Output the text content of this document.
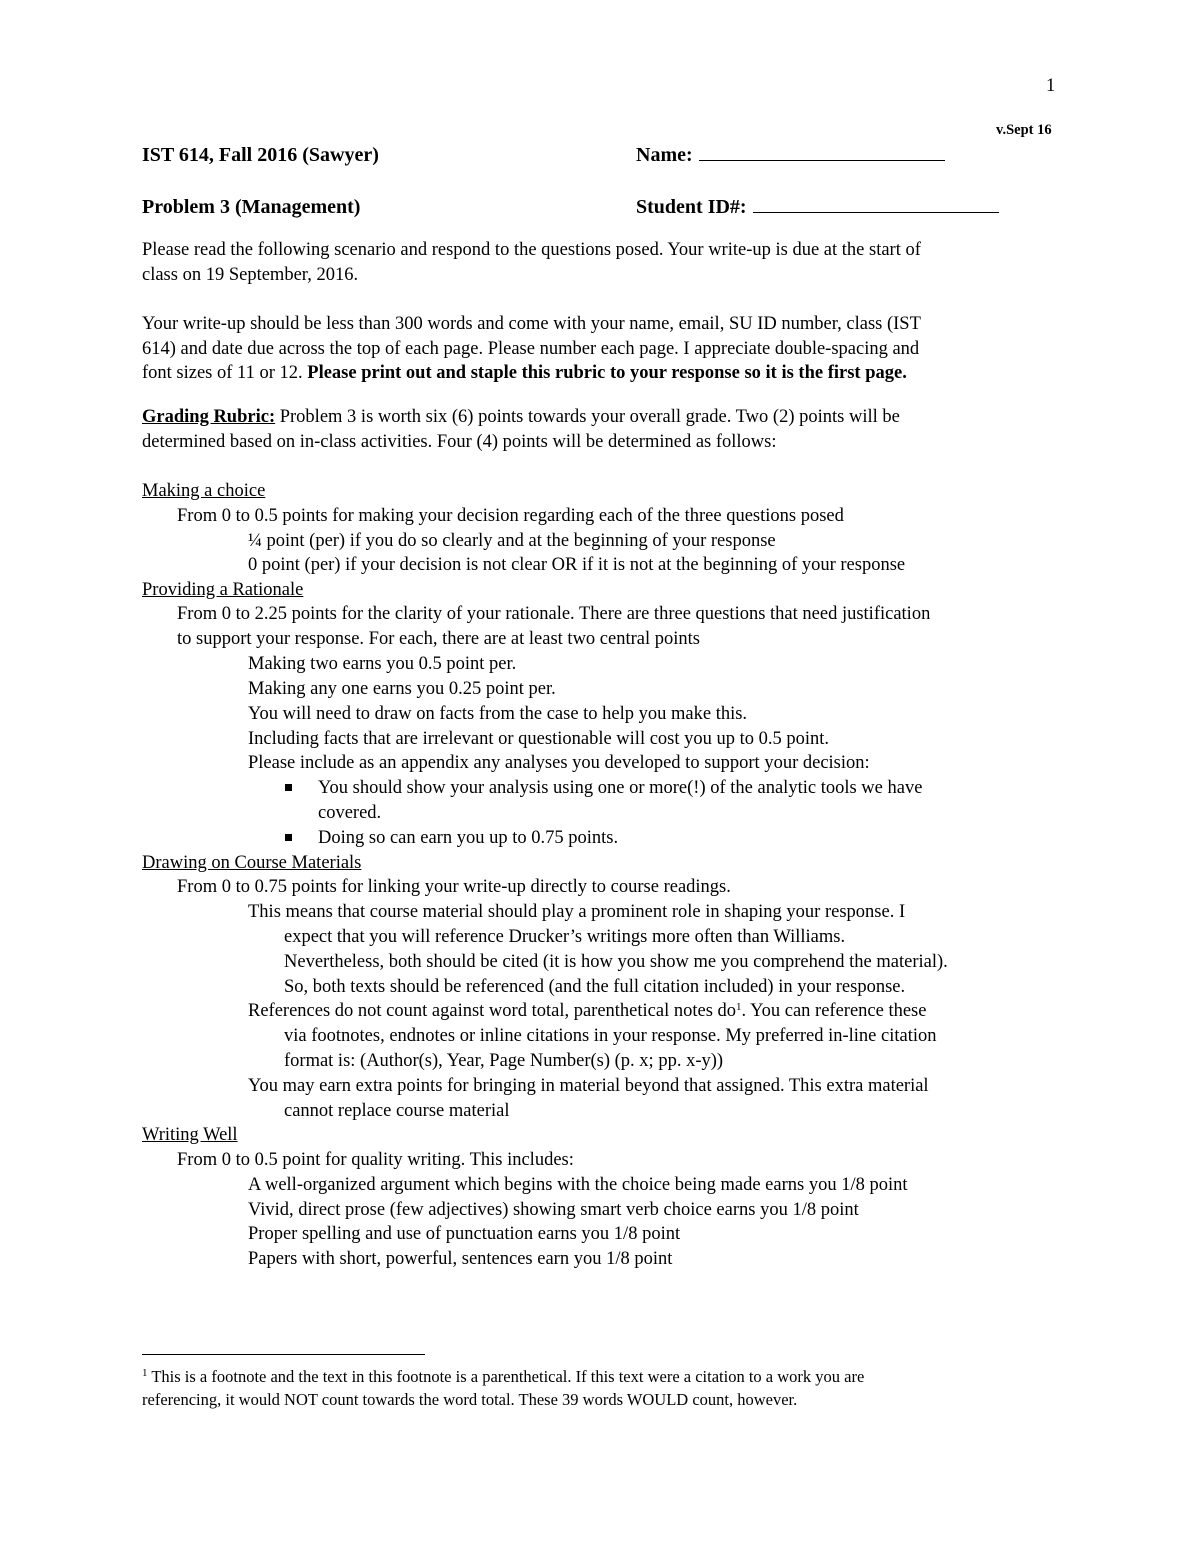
1
v.Sept 16
IST 614, Fall 2016 (Sawyer)	Name:
Problem 3 (Management)	Student ID#:
Please read the following scenario and respond to the questions posed. Your write-up is due at the start of
class on 19 September, 2016.
Your write-up should be less than 300 words and come with your name, email, SU ID number, class (IST
614) and date due across the top of each page. Please number each page. I appreciate double-spacing and
font sizes of 11 or 12. Please print out and staple this rubric to your response so it is the first page.
Grading Rubric: Problem 3 is worth six (6) points towards your overall grade. Two (2) points will be
determined based on in-class activities. Four (4) points will be determined as follows:
Making a choice
From 0 to 0.5 points for making your decision regarding each of the three questions posed
¼ point (per) if you do so clearly and at the beginning of your response
0 point (per) if your decision is not clear OR if it is not at the beginning of your response
Providing a Rationale
From 0 to 2.25 points for the clarity of your rationale. There are three questions that need justification
to support your response. For each, there are at least two central points
Making two earns you 0.5 point per.
Making any one earns you 0.25 point per.
You will need to draw on facts from the case to help you make this.
Including facts that are irrelevant or questionable will cost you up to 0.5 point.
Please include as an appendix any analyses you developed to support your decision:
You should show your analysis using one or more(!) of the analytic tools we have
covered.
Doing so can earn you up to 0.75 points.
Drawing on Course Materials
From 0 to 0.75 points for linking your write-up directly to course readings.
This means that course material should play a prominent role in shaping your response. I
expect that you will reference Drucker’s writings more often than Williams.
Nevertheless, both should be cited (it is how you show me you comprehend the material).
So, both texts should be referenced (and the full citation included) in your response.
References do not count against word total, parenthetical notes $do^1$. You can reference these
via footnotes, endnotes or inline citations in your response. My preferred in-line citation
format is: (Author(s), Year, Page Number(s) (p. x; pp. x-y))
You may earn extra points for bringing in material beyond that assigned. This extra material
cannot replace course material
Writing Well
From 0 to 0.5 point for quality writing. This includes:
A well-organized argument which begins with the choice being made earns you 1/8 point
Vivid, direct prose (few adjectives) showing smart verb choice earns you 1/8 point
Proper spelling and use of punctuation earns you 1/8 point
Papers with short, powerful, sentences earn you 1/8 point
$^1$ This is a footnote and the text in this footnote is a parenthetical. If this text were a citation to a work you are
referencing, it would NOT count towards the word total. These 39 words WOULD count, however.
